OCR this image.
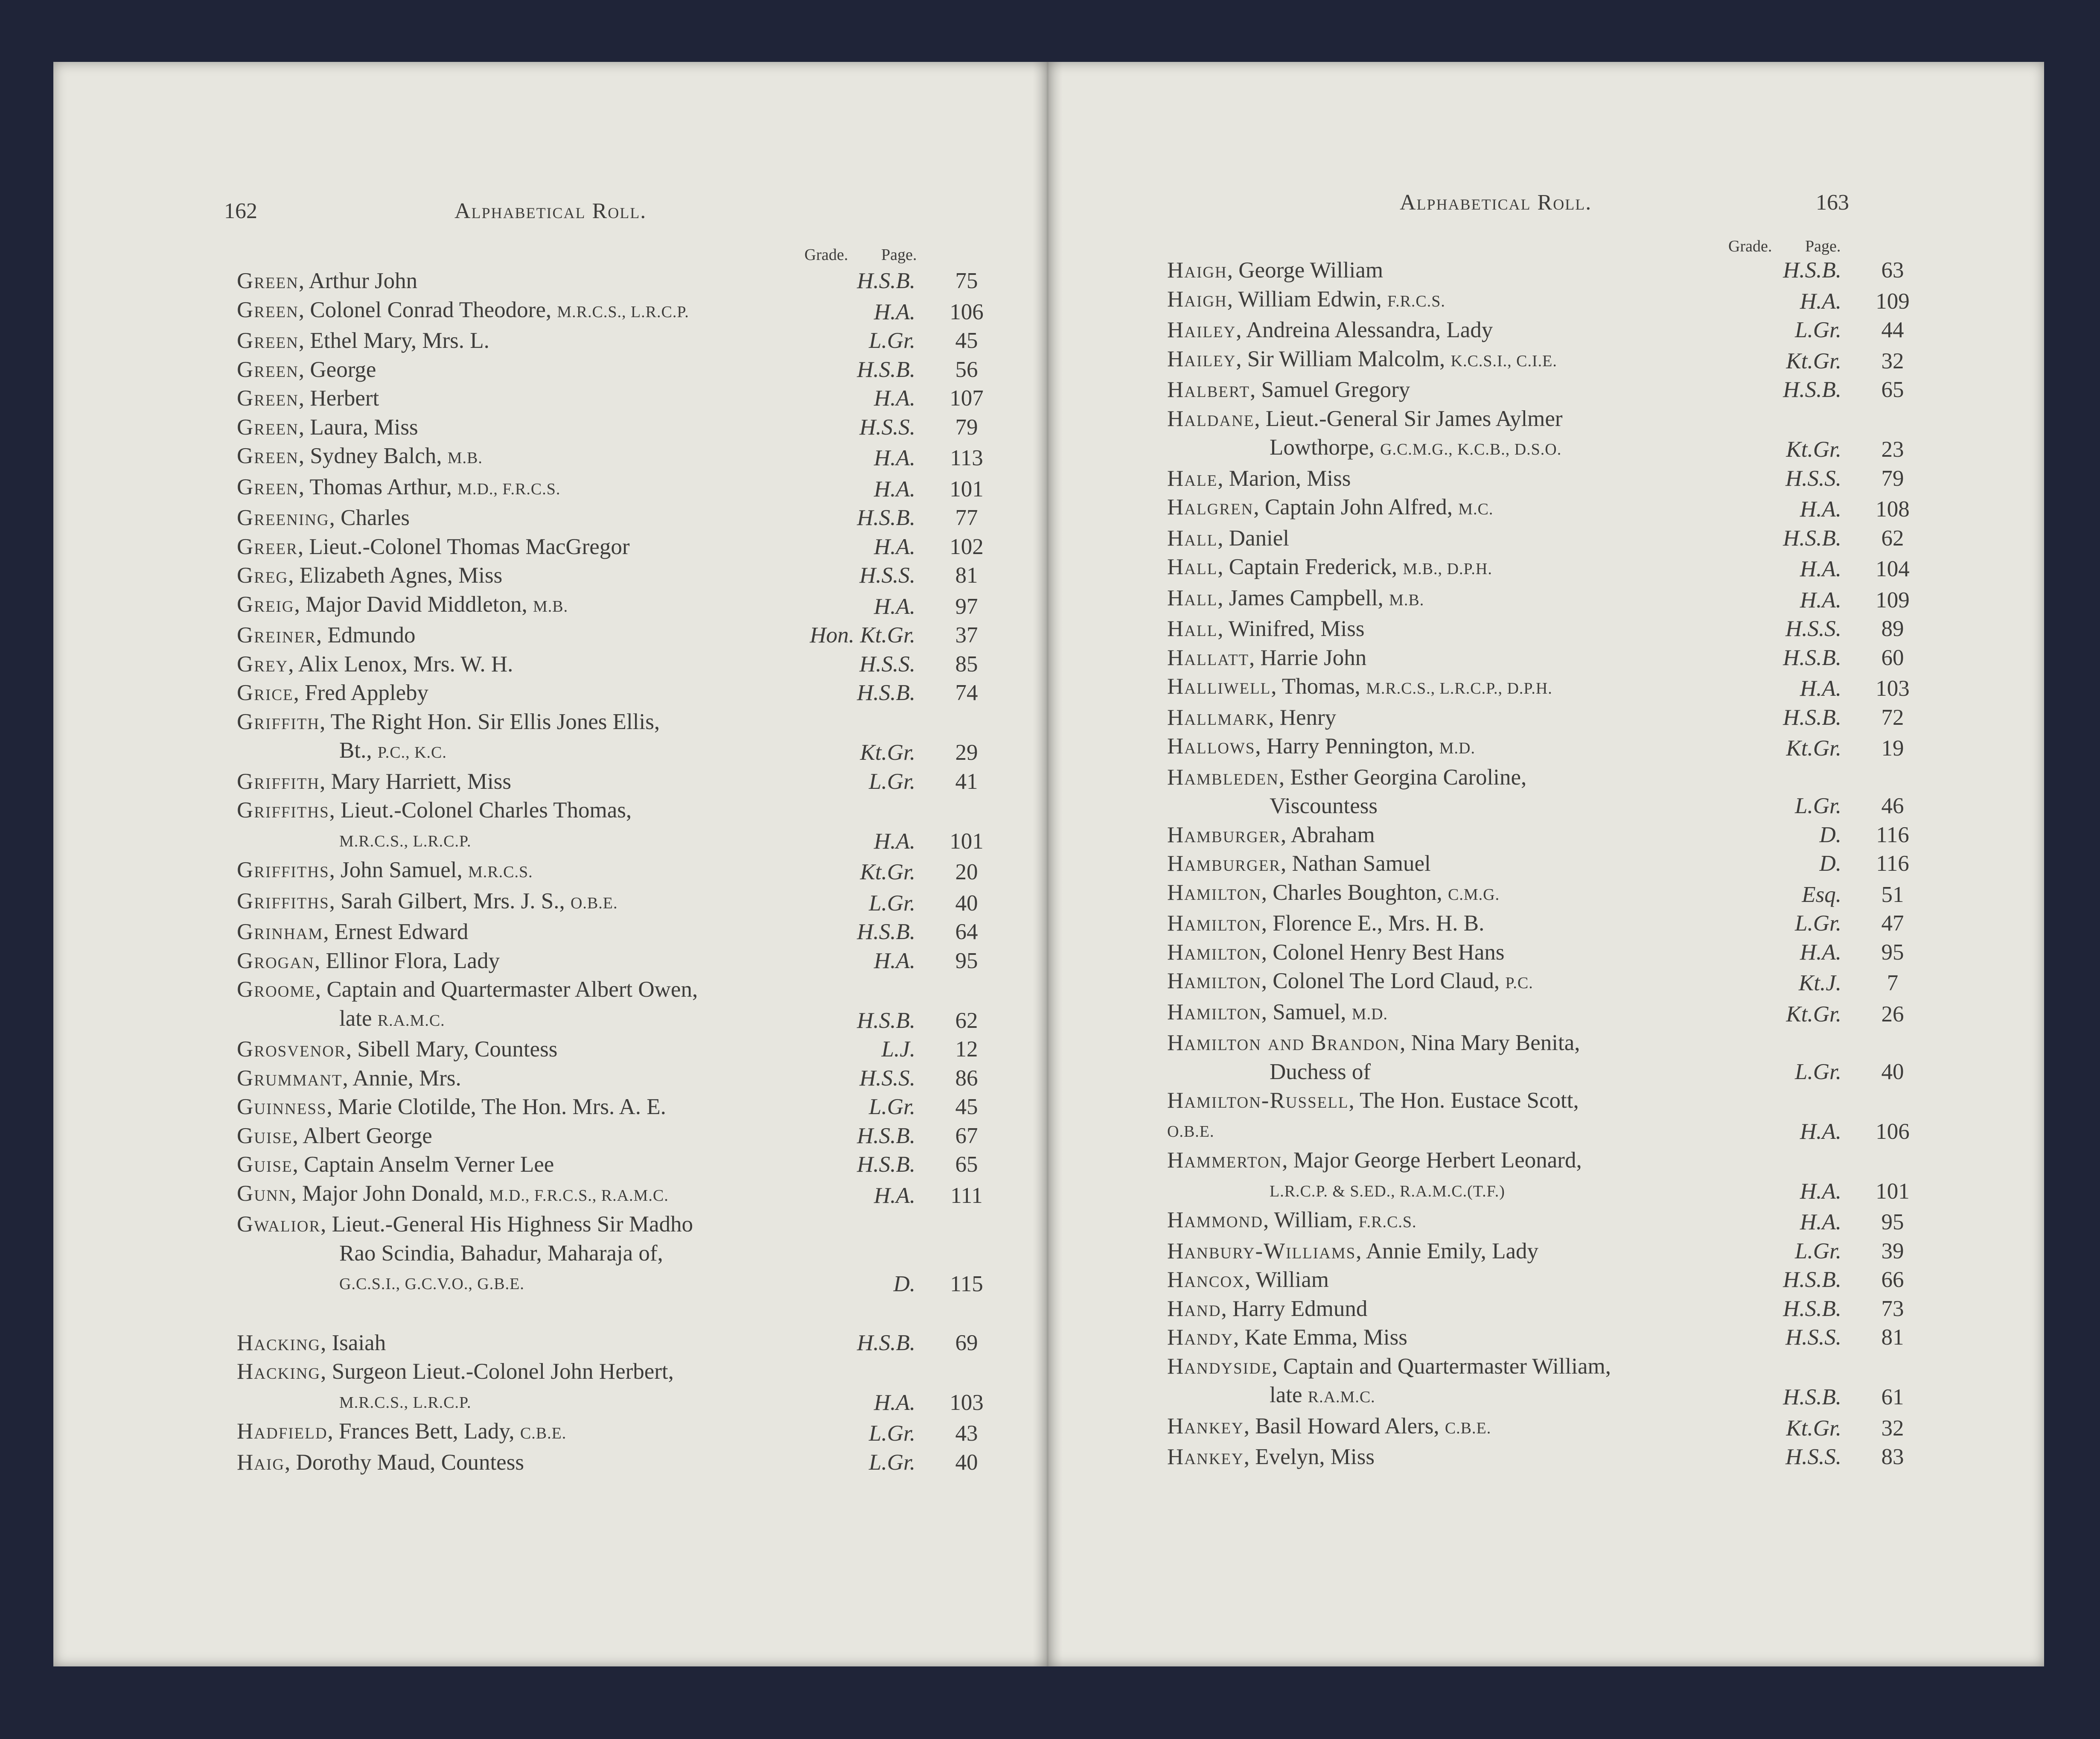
162	Alphabetical Roll.
Grade. Page.
Green, Arthur John	H.S.B.	75
Green, Colonel Conrad Theodore, M.R.C.S., L.R.C.P.	H.A.	106
Green, Ethel Mary, Mrs. L.	L.Gr.	45
Green, George	H.S.B.	56
Green, Herbert	H.A.	107
Green, Laura, Miss	H.S.S.	79
Green, Sydney Balch, M.B.	H.A.	113
Green, Thomas Arthur, M.D., F.R.C.S.	H.A.	101
Greening, Charles	H.S.B.	77
Greer, Lieut.-Colonel Thomas MacGregor	H.A.	102
Greg, Elizabeth Agnes, Miss	H.S.S.	81
Greig, Major David Middleton, M.B.	H.A.	97
Greiner, Edmundo	Hon. Kt.Gr.	37
Grey, Alix Lenox, Mrs. W. H.	H.S.S.	85
Grice, Fred Appleby	H.S.B.	74
Griffith, The Right Hon. Sir Ellis Jones Ellis,
Bt., P.C., K.C.	Kt.Gr.	29
Griffith, Mary Harriett, Miss	L.Gr.	41
Griffiths, Lieut.-Colonel Charles Thomas,
M.R.C.S., L.R.C.P.	H.A.	101
Griffiths, John Samuel, M.R.C.S.	Kt.Gr.	20
Griffiths, Sarah Gilbert, Mrs. J. S., O.B.E.	L.Gr.	40
Grinham, Ernest Edward	H.S.B.	64
Grogan, Ellinor Flora, Lady	H.A.	95
Groome, Captain and Quartermaster Albert Owen,
late R.A.M.C.	H.S.B.	62
Grosvenor, Sibell Mary, Countess	L.J.	12
Grummant, Annie, Mrs.	H.S.S.	86
Guinness, Marie Clotilde, The Hon. Mrs. A. E.	L.Gr.	45
Guise, Albert George	H.S.B.	67
Guise, Captain Anselm Verner Lee	H.S.B.	65
Gunn, Major John Donald, M.D., F.R.C.S., R.A.M.C.	H.A.	111
Gwalior, Lieut.-General His Highness Sir Madho
Rao Scindia, Bahadur, Maharaja of,
G.C.S.I., G.C.V.O., G.B.E.	D.	115
Hacking, Isaiah	H.S.B.	69
Hacking, Surgeon Lieut.-Colonel John Herbert,
M.R.C.S., L.R.C.P.	H.A.	103
Hadfield, Frances Bett, Lady, C.B.E.	L.Gr.	43
Haig, Dorothy Maud, Countess	L.Gr.	40
Alphabetical Roll.	163
Grade. Page.
Haigh, George William	H.S.B.	63
Haigh, William Edwin, F.R.C.S.	H.A.	109
Hailey, Andreina Alessandra, Lady	L.Gr.	44
Hailey, Sir William Malcolm, K.C.S.I., C.I.E.	Kt.Gr.	32
Halbert, Samuel Gregory	H.S.B.	65
Haldane, Lieut.-General Sir James Aylmer
Lowthorpe, G.C.M.G., K.C.B., D.S.O.	Kt.Gr.	23
Hale, Marion, Miss	H.S.S.	79
Halgren, Captain John Alfred, M.C.	H.A.	108
Hall, Daniel	H.S.B.	62
Hall, Captain Frederick, M.B., D.P.H.	H.A.	104
Hall, James Campbell, M.B.	H.A.	109
Hall, Winifred, Miss	H.S.S.	89
Hallatt, Harrie John	H.S.B.	60
Halliwell, Thomas, M.R.C.S., L.R.C.P., D.P.H.	H.A.	103
Hallmark, Henry	H.S.B.	72
Hallows, Harry Pennington, M.D.	Kt.Gr.	19
Hambleden, Esther Georgina Caroline,
Viscountess	L.Gr.	46
Hamburger, Abraham	D.	116
Hamburger, Nathan Samuel	D.	116
Hamilton, Charles Boughton, C.M.G.	Esq.	51
Hamilton, Florence E., Mrs. H. B.	L.Gr.	47
Hamilton, Colonel Henry Best Hans	H.A.	95
Hamilton, Colonel The Lord Claud, P.C.	Kt.J.	7
Hamilton, Samuel, M.D.	Kt.Gr.	26
Hamilton and Brandon, Nina Mary Benita,
Duchess of	L.Gr.	40
Hamilton-Russell, The Hon. Eustace Scott,
O.B.E.	H.A.	106
Hammerton, Major George Herbert Leonard,
L.R.C.P. & S.ED., R.A.M.C.(T.F.)	H.A.	101
Hammond, William, F.R.C.S.	H.A.	95
Hanbury-Williams, Annie Emily, Lady	L.Gr.	39
Hancox, William	H.S.B.	66
Hand, Harry Edmund	H.S.B.	73
Handy, Kate Emma, Miss	H.S.S.	81
Handyside, Captain and Quartermaster William,
late R.A.M.C.	H.S.B.	61
Hankey, Basil Howard Alers, C.B.E.	Kt.Gr.	32
Hankey, Evelyn, Miss	H.S.S.	83
